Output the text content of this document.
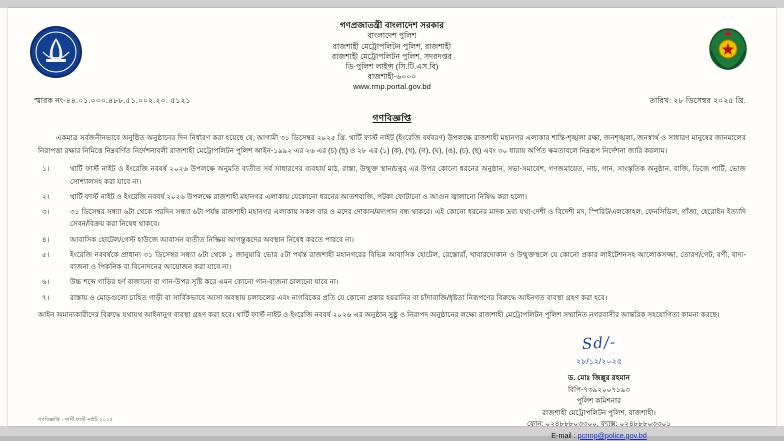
গণপ্রজাতন্ত্রী বাংলাদেশ সরকার
বাংলাদেশ পুলিশ
রাজশাহী মেট্রোপলিটন পুলিশ, রাজশাহী
রাজশাহী মেট্রোপলিটন পুলিশ, সদরদপ্তর
ডি-পুলিশ লাইন্স (সি.টি.এস.বি)
রাজশাহী-৬০০০
www.rmp.portal.gov.bd
স্মারক নং-৪৪.০১.০০০.৪৮৮.৫১.০০২.২০. ৫১২১	তারিখ: ২৮ ডিসেম্বর ২০২৫ খ্রি.
গণবিজ্ঞপ্তি
একমাত্র সর্বজনীনভাবে অনুষ্ঠিত অনুষ্ঠানের দিন নির্ধারণ করা হয়েছে যে, আগামী ৩১ ডিসেম্বর ২০২৫ খ্রি. থার্টি ফার্স্ট নাইট (ইংরেজি বর্ষবরণ) উপলক্ষে রাজশাহী মহানগর এলাকার শান্তি-শৃঙ্খলা রক্ষা, জনশৃঙ্খলা, জনস্বার্থ ও সাধারণ মানুষের জানমালের নিরাপত্তা রক্ষার নিমিত্তে নিম্নবর্ণিত নির্দেশনাবলী রাজশাহী মেট্রোপলিটন পুলিশ আইন-১৯৯২ এর ২৬ এর (চ) (ছ) ও ২৮ এর (১) (ক), (খ), (গ), (ঘ), (ঙ), (চ), (ছ) এবং ৩০ ধারায় অর্পিত ক্ষমতাবলে নিম্নরূপ নির্দেশনা জারি করলাম।
১।	থার্টি ফার্স্ট নাইট ও ইংরেজি নববর্ষ ২০২৬ উপলক্ষে অনুমতি ব্যতীত সর্ব সাধারণের ব্যবহার্য মাঠ, রাস্তা, উন্মুক্ত স্থান/চত্বর এর উপর কোনো ধরনের অনুষ্ঠান, সভা-সমাবেশ, গণজমায়েত, নাচ, গান, সাংস্কৃতিক অনুষ্ঠান, বাজি, ডিজে পার্টি, ভোজ সোশ্যালসহ করা যাবে না।
২।	থার্টি ফার্স্ট নাইট ও ইংরেজি নববর্ষ ২০২৬ উপলক্ষে রাজশাহী মহানগর এলাকায় যেকোনো ধরনের আতশবাজি, পটকা ফোটানো ও আগুন জ্বালানো নিষিদ্ধ করা হলো।
৩।	৩১ ডিসেম্বর সন্ধ্যা ৬টা থেকে পরদিন সন্ধ্যা ৬টা পর্যন্ত রাজশাহী মহানগর এলাকায় সকল বার ও মদের দোকান/মদ্যপান বন্ধ থাকবে। এই কোনো ধরনের মাদক দ্রব্য যথা-দেশী ও বিদেশী মদ, স্পিরিট/এলকোহল, ফেনসিডিল, গাঁজা, হেরোইন ইত্যাদি সেবন/বিক্রয় করা নিষেধ থাকবে।
৪।	আবাসিক হোটেল/গেস্ট হাউজে আবাসন ব্যতীত নিষ্ক্রিয় আগন্তুকদের অবস্থান নিষেধ করতে পারবে না।
৫।	ইংরেজি নববর্ষকে প্রাধান্য ৩১ ডিসেম্বর সন্ধ্যা ৬টা থেকে ১ জানুয়ারি ভোর ৫টা পর্যন্ত রাজশাহী মহানগরের বিভিন্ন আবাসিক হোটেল, রেস্তোরাঁ, খাবারদোকান ও উন্মুক্তস্থলে যে কোনো প্রকার লাইটেশনসহ আলোকসজ্জা, তোরণ/গেট, বর্ণী, বাদ্য-বাজনা ও পিকনিক বা বিনোদনের আয়োজন করা যাবে না।
৬।	উচ্চ শব্দে গাড়ির হর্ণ বাজানো বা গান-উপর সৃষ্টি করে এমন কোনো গান-বাজনা চালানো যাবে না।
৭।	রাস্তায় ও মোড়গুলো চাহিত গাড়ী বা সার্বিকভাবে আসা অবস্থায় চলাচলের এবং নাগরিকের প্রতি যে কোনো প্রকার হয়রানির বা চাঁদাবাজি/ধৃষ্টতা নিরূপণের বিরুদ্ধে আইনগত ব্যবস্থা গ্রহণ করা হবে।

আইন অমান্যকারীদের বিরুদ্ধে যথাযথ আইনানুগ ব্যবস্থা গ্রহণ করা হবে। থার্টি ফার্স্ট নাইট ও ইংরেজি নববর্ষ ২০২৬ এর অনুষ্ঠান সুষ্ঠু ও নিরাপদ অনুষ্ঠানের লক্ষ্যে রাজশাহী মেট্রোপলিটন পুলিশ সম্মানিত নগরবাসীর আন্তরিক সহযোগিতা কামনা করছে।

Sd/-
২৮/১২/২০২৫
ড. মোঃ জিল্লুর রহমান
বিপি-৭৩৯২০০৭১৯৩
পুলিশ কমিশনার
রাজশাহী মেট্রোপলিটন পুলিশ, রাজশাহী।
ফোন: ০২৪৮৮৮০৩৩০০, ফ্যাক্স: ০২৪৮৮৮০৩৩০১
E-mail : pcrmp@police.gov.bd
গণবিজ্ঞপ্তি - থার্টি ফার্স্ট নাইট ২০২৫
